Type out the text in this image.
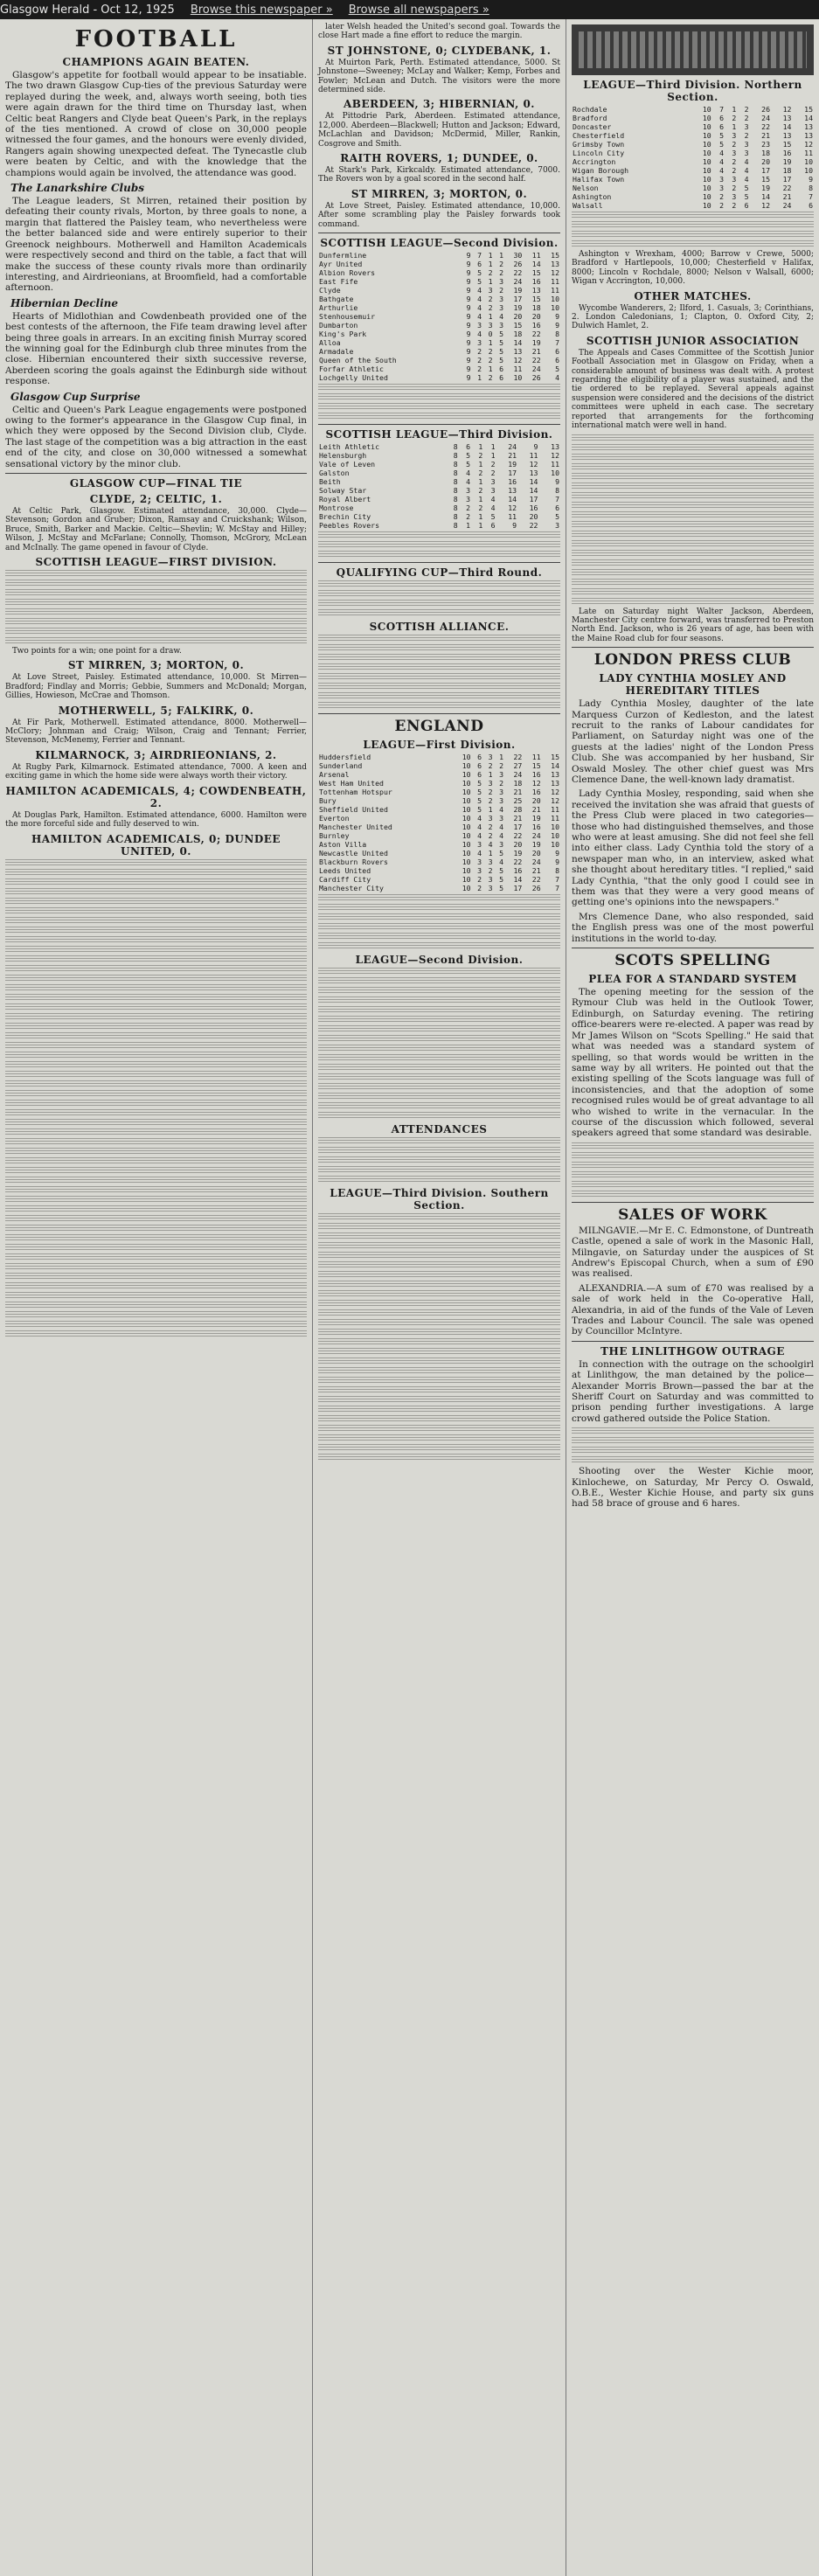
Glasgow Herald - Oct 12, 1925 Browse this newspaper » Browse all newspapers »
FOOTBALL
CHAMPIONS AGAIN BEATEN.

Glasgow's appetite for football would appear to be insatiable. The two drawn Glasgow Cup-ties of the previous Saturday were replayed during the week, and, always worth seeing, both ties were again drawn for the third time on Thursday last, when Celtic beat Rangers and Clyde beat Queen's Park, in the replays of the ties mentioned. A crowd of close on 30,000 people witnessed the four games, and the honours were evenly divided, Rangers again showing unexpected defeat. The Tynecastle club were beaten by Celtic, and with the knowledge that the champions would again be involved, the attendance was good.

The Lanarkshire Clubs

The League leaders, St Mirren, retained their position by defeating their county rivals, Morton, by three goals to none, a margin that flattered the Paisley team, who nevertheless were the better balanced side and were entirely superior to their Greenock neighbours. Motherwell and Hamilton Academicals were respectively second and third on the table, a fact that will make the success of these county rivals more than ordinarily interesting, and Airdrieonians, at Broomfield, had a comfortable afternoon.

Hibernian Decline

Hearts of Midlothian and Cowdenbeath provided one of the best contests of the afternoon, the Fife team drawing level after being three goals in arrears. In an exciting finish Murray scored the winning goal for the Edinburgh club three minutes from the close. Hibernian encountered their sixth successive reverse, Aberdeen scoring the goals against the Edinburgh side without response.

Glasgow Cup Surprise

Celtic and Queen's Park League engagements were postponed owing to the former's appearance in the Glasgow Cup final, in which they were opposed by the Second Division club, Clyde. The last stage of the competition was a big attraction in the east end of the city, and close on 30,000 witnessed a somewhat sensational victory by the minor club.

GLASGOW CUP—FINAL TIE
CLYDE, 2; CELTIC, 1.

At Celtic Park, Glasgow. Estimated attendance, 30,000. Clyde—Stevenson; Gordon and Gruber; Dixon, Ramsay and Cruickshank; Wilson, Bruce, Smith, Barker and Mackie. Celtic—Shevlin; W. McStay and Hilley; Wilson, J. McStay and McFarlane; Connolly, Thomson, McGrory, McLean and McInally. The game opened in favour of Clyde.

SCOTTISH LEAGUE—FIRST DIVISION.

Two points for a win; one point for a draw.

ST MIRREN, 3; MORTON, 0.

At Love Street, Paisley. Estimated attendance, 10,000. St Mirren—Bradford; Findlay and Morris; Gebbie, Summers and McDonald; Morgan, Gillies, Howieson, McCrae and Thomson.

MOTHERWELL, 5; FALKIRK, 0.

At Fir Park, Motherwell. Estimated attendance, 8000. Motherwell—McClory; Johnman and Craig; Wilson, Craig and Tennant; Ferrier, Stevenson, McMenemy, Ferrier and Tennant.

KILMARNOCK, 3; AIRDRIEONIANS, 2.

At Rugby Park, Kilmarnock. Estimated attendance, 7000. A keen and exciting game in which the home side were always worth their victory.

HAMILTON ACADEMICALS, 4; COWDENBEATH, 2.

At Douglas Park, Hamilton. Estimated attendance, 6000. Hamilton were the more forceful side and fully deserved to win.

HAMILTON ACADEMICALS, 0; DUNDEE UNITED, 0.

later Welsh headed the United's second goal. Towards the close Hart made a fine effort to reduce the margin.

ST JOHNSTONE, 0; CLYDEBANK, 1.

At Muirton Park, Perth. Estimated attendance, 5000. St Johnstone—Sweeney; McLay and Walker; Kemp, Forbes and Fowler; McLean and Dutch. The visitors were the more determined side.

ABERDEEN, 3; HIBERNIAN, 0.

At Pittodrie Park, Aberdeen. Estimated attendance, 12,000. Aberdeen—Blackwell; Hutton and Jackson; Edward, McLachlan and Davidson; McDermid, Miller, Rankin, Cosgrove and Smith.

RAITH ROVERS, 1; DUNDEE, 0.

At Stark's Park, Kirkcaldy. Estimated attendance, 7000. The Rovers won by a goal scored in the second half.

ST MIRREN, 3; MORTON, 0.

At Love Street, Paisley. Estimated attendance, 10,000. After some scrambling play the Paisley forwards took command.

SCOTTISH LEAGUE—Second Division.
Dunfermline	9	7	1	1	30	11	15
Ayr United	9	6	1	2	26	14	13
Albion Rovers	9	5	2	2	22	15	12
East Fife	9	5	1	3	24	16	11
Clyde	9	4	3	2	19	13	11
Bathgate	9	4	2	3	17	15	10
Arthurlie	9	4	2	3	19	18	10
Stenhousemuir	9	4	1	4	20	20	9
Dumbarton	9	3	3	3	15	16	9
King's Park	9	4	0	5	18	22	8
Alloa	9	3	1	5	14	19	7
Armadale	9	2	2	5	13	21	6
Queen of the South	9	2	2	5	12	22	6
Forfar Athletic	9	2	1	6	11	24	5
Lochgelly United	9	1	2	6	10	26	4
SCOTTISH LEAGUE—Third Division.
Leith Athletic	8	6	1	1	24	9	13
Helensburgh	8	5	2	1	21	11	12
Vale of Leven	8	5	1	2	19	12	11
Galston	8	4	2	2	17	13	10
Beith	8	4	1	3	16	14	9
Solway Star	8	3	2	3	13	14	8
Royal Albert	8	3	1	4	14	17	7
Montrose	8	2	2	4	12	16	6
Brechin City	8	2	1	5	11	20	5
Peebles Rovers	8	1	1	6	9	22	3
QUALIFYING CUP—Third Round.
SCOTTISH ALLIANCE.
ENGLAND
LEAGUE—First Division.
Huddersfield	10	6	3	1	22	11	15
Sunderland	10	6	2	2	27	15	14
Arsenal	10	6	1	3	24	16	13
West Ham United	10	5	3	2	18	12	13
Tottenham Hotspur	10	5	2	3	21	16	12
Bury	10	5	2	3	25	20	12
Sheffield United	10	5	1	4	28	21	11
Everton	10	4	3	3	21	19	11
Manchester United	10	4	2	4	17	16	10
Burnley	10	4	2	4	22	24	10
Aston Villa	10	3	4	3	20	19	10
Newcastle United	10	4	1	5	19	20	9
Blackburn Rovers	10	3	3	4	22	24	9
Leeds United	10	3	2	5	16	21	8
Cardiff City	10	2	3	5	14	22	7
Manchester City	10	2	3	5	17	26	7
LEAGUE—Second Division.
ATTENDANCES
LEAGUE—Third Division. Southern Section.
LEAGUE—Third Division. Northern Section.
Rochdale	10	7	1	2	26	12	15
Bradford	10	6	2	2	24	13	14
Doncaster	10	6	1	3	22	14	13
Chesterfield	10	5	3	2	21	13	13
Grimsby Town	10	5	2	3	23	15	12
Lincoln City	10	4	3	3	18	16	11
Accrington	10	4	2	4	20	19	10
Wigan Borough	10	4	2	4	17	18	10
Halifax Town	10	3	3	4	15	17	9
Nelson	10	3	2	5	19	22	8
Ashington	10	2	3	5	14	21	7
Walsall	10	2	2	6	12	24	6

Ashington v Wrexham, 4000; Barrow v Crewe, 5000; Bradford v Hartlepools, 10,000; Chesterfield v Halifax, 8000; Lincoln v Rochdale, 8000; Nelson v Walsall, 6000; Wigan v Accrington, 10,000.

OTHER MATCHES.

Wycombe Wanderers, 2; Ilford, 1. Casuals, 3; Corinthians, 2. London Caledonians, 1; Clapton, 0. Oxford City, 2; Dulwich Hamlet, 2.

SCOTTISH JUNIOR ASSOCIATION

The Appeals and Cases Committee of the Scottish Junior Football Association met in Glasgow on Friday, when a considerable amount of business was dealt with. A protest regarding the eligibility of a player was sustained, and the tie ordered to be replayed. Several appeals against suspension were considered and the decisions of the district committees were upheld in each case. The secretary reported that arrangements for the forthcoming international match were well in hand.

Late on Saturday night Walter Jackson, Aberdeen, Manchester City centre forward, was transferred to Preston North End. Jackson, who is 26 years of age, has been with the Maine Road club for four seasons.

LONDON PRESS CLUB
LADY CYNTHIA MOSLEY AND HEREDITARY TITLES

Lady Cynthia Mosley, daughter of the late Marquess Curzon of Kedleston, and the latest recruit to the ranks of Labour candidates for Parliament, on Saturday night was one of the guests at the ladies' night of the London Press Club. She was accompanied by her husband, Sir Oswald Mosley. The other chief guest was Mrs Clemence Dane, the well-known lady dramatist.

Lady Cynthia Mosley, responding, said when she received the invitation she was afraid that guests of the Press Club were placed in two categories—those who had distinguished themselves, and those who were at least amusing. She did not feel she fell into either class. Lady Cynthia told the story of a newspaper man who, in an interview, asked what she thought about hereditary titles. "I replied," said Lady Cynthia, "that the only good I could see in them was that they were a very good means of getting one's opinions into the newspapers."

Mrs Clemence Dane, who also responded, said the English press was one of the most powerful institutions in the world to-day.

SCOTS SPELLING
PLEA FOR A STANDARD SYSTEM

The opening meeting for the session of the Rymour Club was held in the Outlook Tower, Edinburgh, on Saturday evening. The retiring office-bearers were re-elected. A paper was read by Mr James Wilson on "Scots Spelling." He said that what was needed was a standard system of spelling, so that words would be written in the same way by all writers. He pointed out that the existing spelling of the Scots language was full of inconsistencies, and that the adoption of some recognised rules would be of great advantage to all who wished to write in the vernacular. In the course of the discussion which followed, several speakers agreed that some standard was desirable.

SALES OF WORK

MILNGAVIE.—Mr E. C. Edmonstone, of Duntreath Castle, opened a sale of work in the Masonic Hall, Milngavie, on Saturday under the auspices of St Andrew's Episcopal Church, when a sum of £90 was realised.

ALEXANDRIA.—A sum of £70 was realised by a sale of work held in the Co-operative Hall, Alexandria, in aid of the funds of the Vale of Leven Trades and Labour Council. The sale was opened by Councillor McIntyre.

THE LINLITHGOW OUTRAGE

In connection with the outrage on the schoolgirl at Linlithgow, the man detained by the police—Alexander Morris Brown—passed the bar at the Sheriff Court on Saturday and was committed to prison pending further investigations. A large crowd gathered outside the Police Station.

Shooting over the Wester Kichie moor, Kinlochewe, on Saturday, Mr Percy O. Oswald, O.B.E., Wester Kichie House, and party six guns had 58 brace of grouse and 6 hares.
